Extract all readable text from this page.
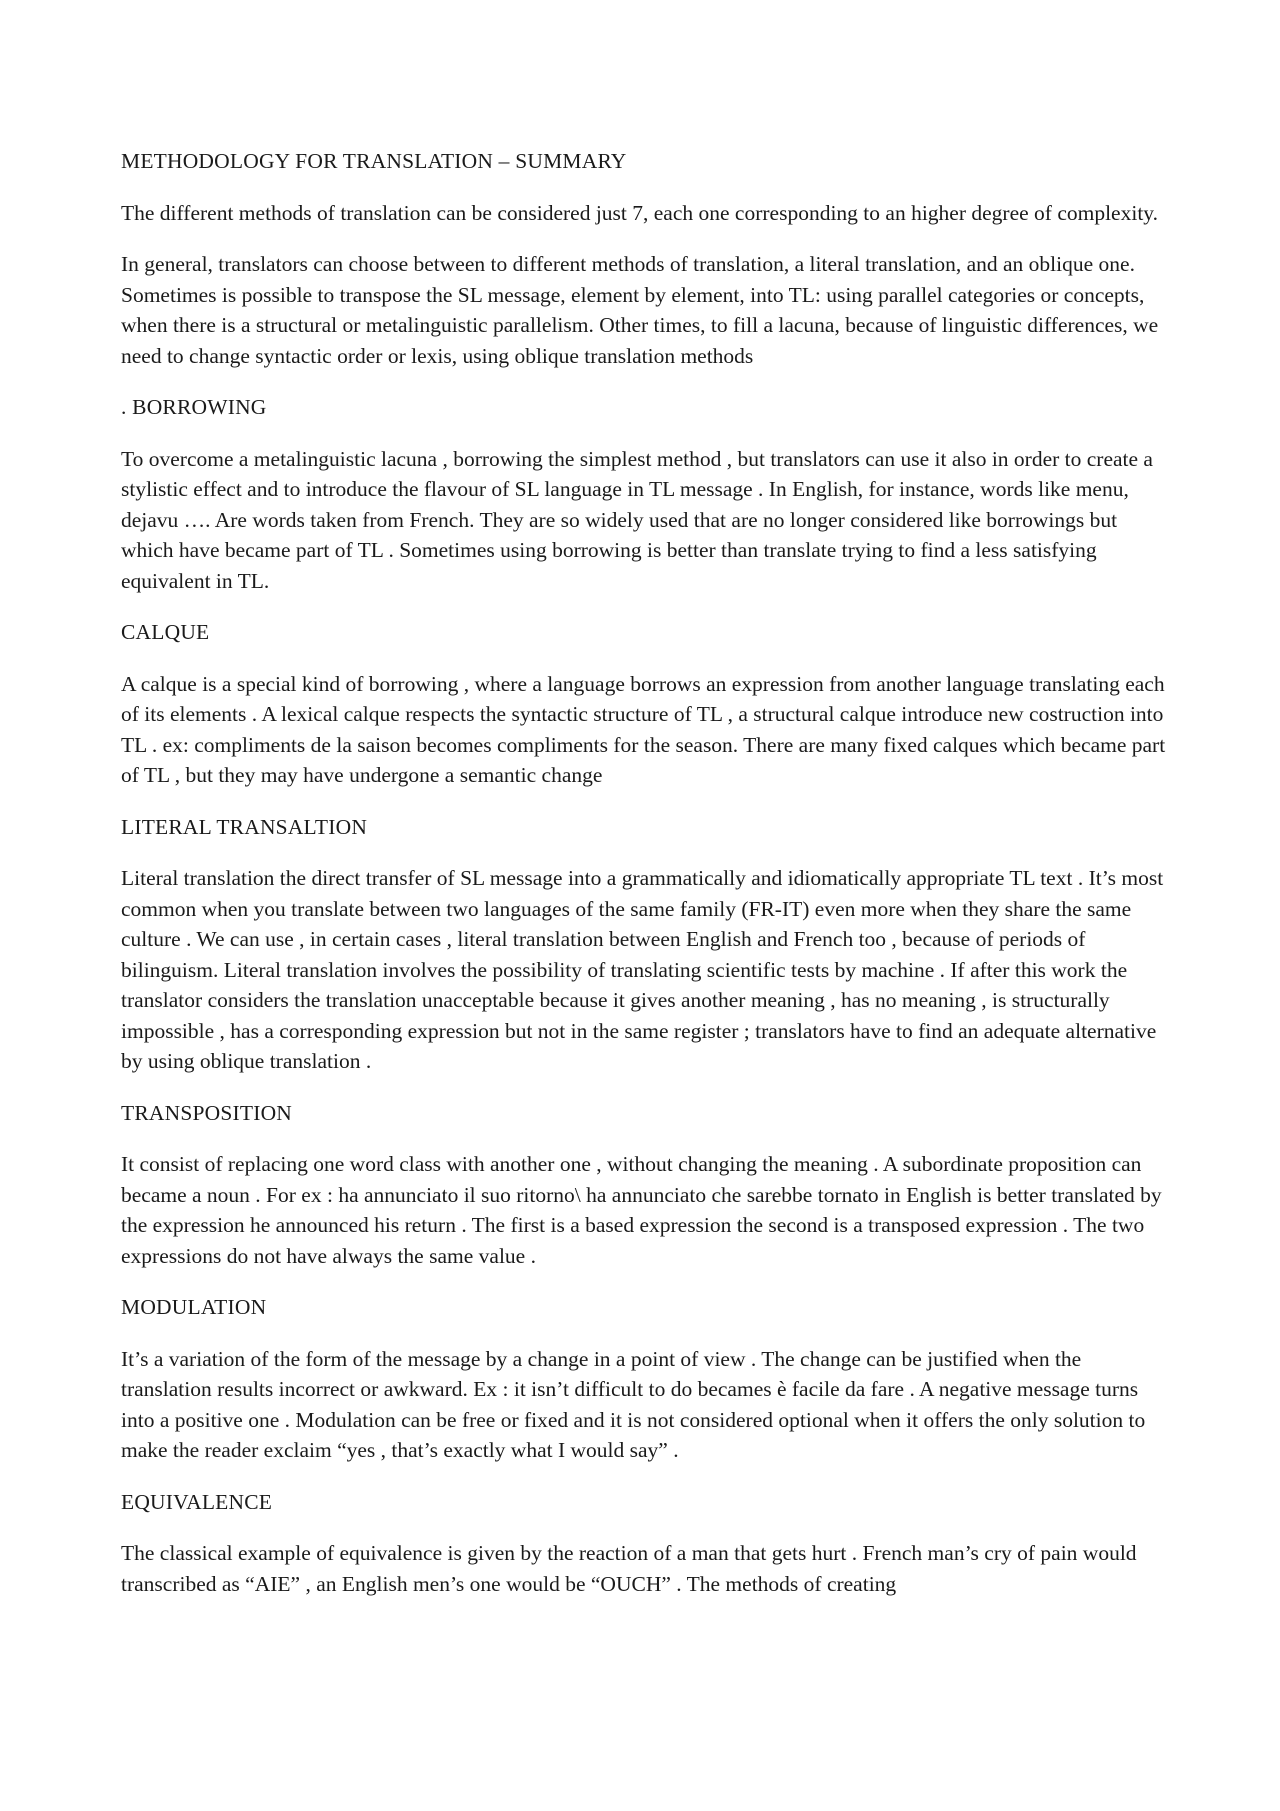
METHODOLOGY FOR TRANSLATION – SUMMARY
The different methods of translation can be considered just 7, each one corresponding to an higher degree of complexity.
In general, translators can choose between to different methods of translation, a literal translation, and an oblique one. Sometimes is possible to transpose the SL message, element by element, into TL: using parallel categories or concepts, when there is a structural or metalinguistic parallelism. Other times, to fill a lacuna, because of linguistic differences, we need to change syntactic order or lexis, using oblique translation methods
. BORROWING
To overcome a metalinguistic lacuna , borrowing the simplest method , but translators can use it also in order to create a stylistic effect and to introduce the flavour of SL language in TL message . In English, for instance, words like menu, dejavu …. Are words taken from French. They are so widely used that are no longer considered like borrowings but which have became part of TL . Sometimes using borrowing is better than translate trying to find a less satisfying equivalent in TL.
CALQUE
A calque is a special kind of borrowing , where a language borrows an expression from another language translating each of its elements . A lexical calque respects the syntactic structure of TL , a structural calque introduce new costruction into TL . ex: compliments de la saison becomes compliments for the season. There are many fixed calques which became part of TL , but they may have undergone a semantic change
LITERAL TRANSALTION
Literal translation the direct transfer of SL message into a grammatically and idiomatically appropriate TL text . It’s most common when you translate between two languages of the same family (FR-IT) even more when they share the same culture . We can use , in certain cases , literal translation between English and French too , because of periods of bilinguism. Literal translation involves the possibility of translating scientific tests by machine . If after this work the translator considers the translation unacceptable because it gives another meaning , has no meaning , is structurally impossible , has a corresponding expression but not in the same register ; translators have to find an adequate alternative by using oblique translation .
TRANSPOSITION
It consist of replacing one word class with another one , without changing the meaning . A subordinate proposition can became a noun . For ex : ha annunciato il suo ritorno\ ha annunciato che sarebbe tornato in English is better translated by the expression he announced his return . The first is a based expression the second is a transposed expression . The two expressions do not have always the same value .
MODULATION
It’s a variation of the form of the message by a change in a point of view . The change can be justified when the translation results incorrect or awkward. Ex : it isn’t difficult to do becames è facile da fare . A negative message turns into a positive one . Modulation can be free or fixed and it is not considered optional when it offers the only solution to make the reader exclaim “yes , that’s exactly what I would say” .
EQUIVALENCE
The classical example of equivalence is given by the reaction of a man that gets hurt . French man’s cry of pain would transcribed as “AIE” , an English men’s one would be “OUCH” . The methods of creating
